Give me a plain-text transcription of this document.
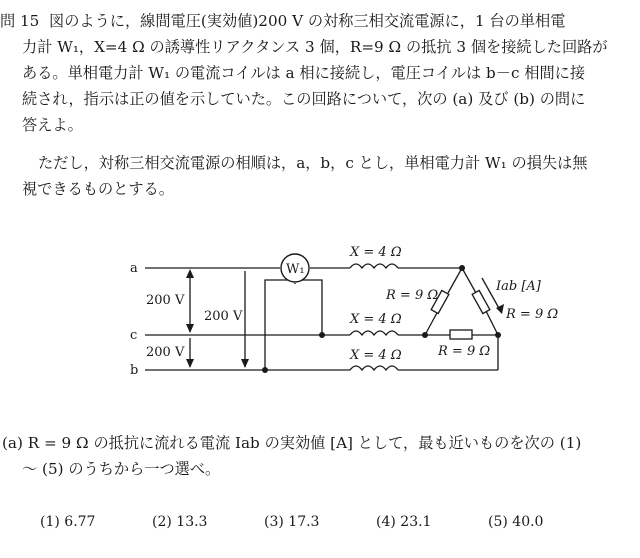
問 15 図のように，線間電圧(実効値)200 V の対称三相交流電源に，1 台の単相電
力計 W₁，X=4 Ω の誘導性リアクタンス 3 個，R=9 Ω の抵抗 3 個を接続した回路が
ある。単相電力計 W₁ の電流コイルは a 相に接続し，電圧コイルは b－c 相間に接
続され，指示は正の値を示していた。この回路について，次の (a) 及び (b) の問に
答えよ。
ただし，対称三相交流電源の相順は，a，b，c とし，単相電力計 W₁ の損失は無
視できるものとする。
W₁
a
c
b
200 V
200 V
200 V
X = 4 Ω
X = 4 Ω
X = 4 Ω
R = 9 Ω
R = 9 Ω
R = 9 Ω
Iab [A]
(a) R = 9 Ω の抵抗に流れる電流 Iab の実効値 [A] として，最も近いものを次の (1)
～ (5) のうちから一つ選べ。
(1) 6.77	(2) 13.3	(3) 17.3	(4) 23.1	(5) 40.0
